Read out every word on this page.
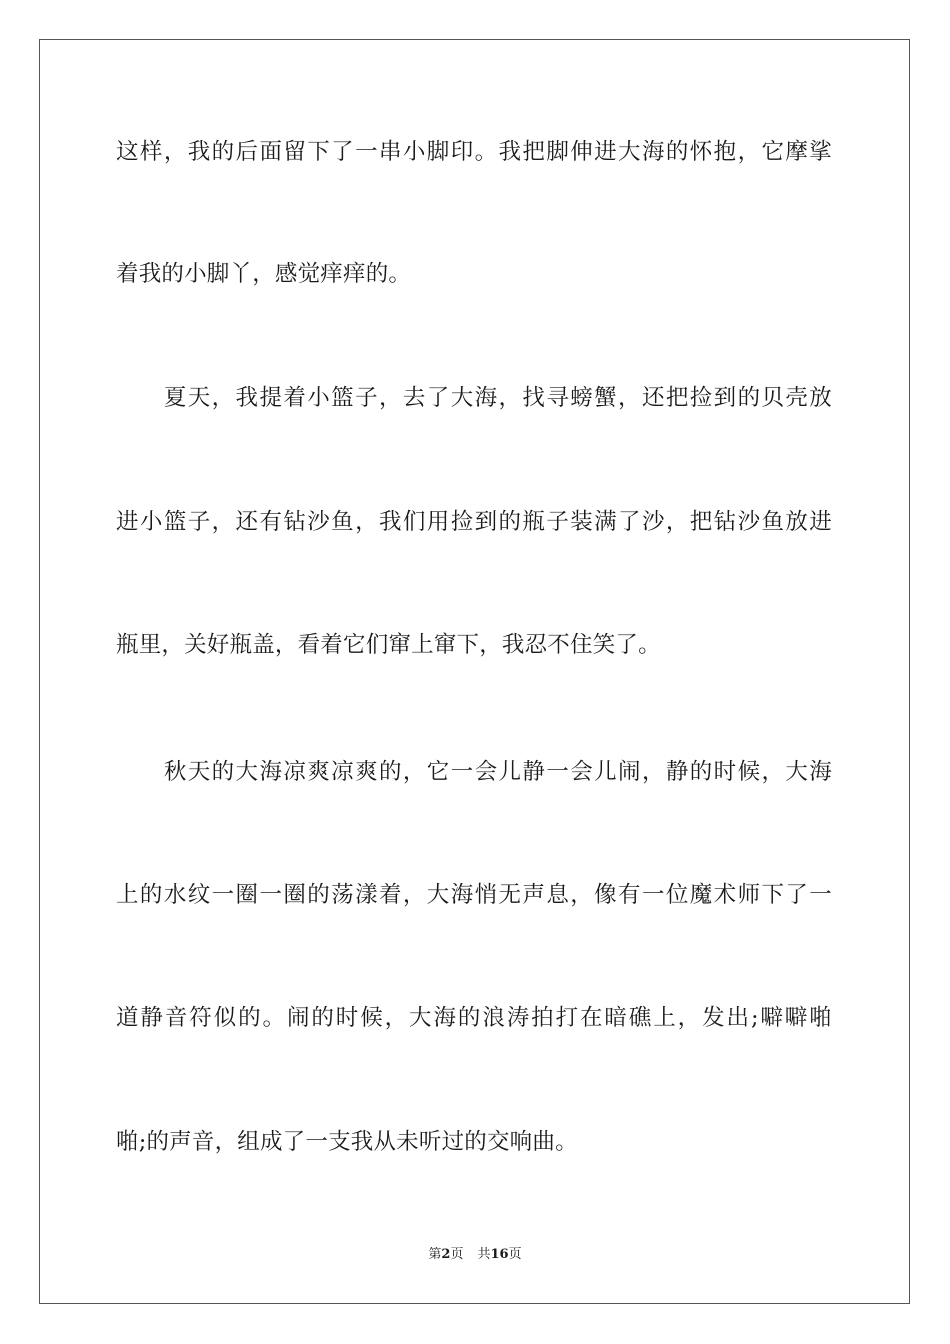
这样，我的后面留下了一串小脚印。我把脚伸进大海的怀抱，它摩挲
着我的小脚丫，感觉痒痒的。
　　夏天，我提着小篮子，去了大海，找寻螃蟹，还把捡到的贝壳放
进小篮子，还有钻沙鱼，我们用捡到的瓶子装满了沙，把钻沙鱼放进
瓶里，关好瓶盖，看着它们窜上窜下，我忍不住笑了。
　　秋天的大海凉爽凉爽的，它一会儿静一会儿闹，静的时候，大海
上的水纹一圈一圈的荡漾着，大海悄无声息，像有一位魔术师下了一
道静音符似的。闹的时候，大海的浪涛拍打在暗礁上，发出;噼噼啪
啪;的声音，组成了一支我从未听过的交响曲。
第2页 共16页
